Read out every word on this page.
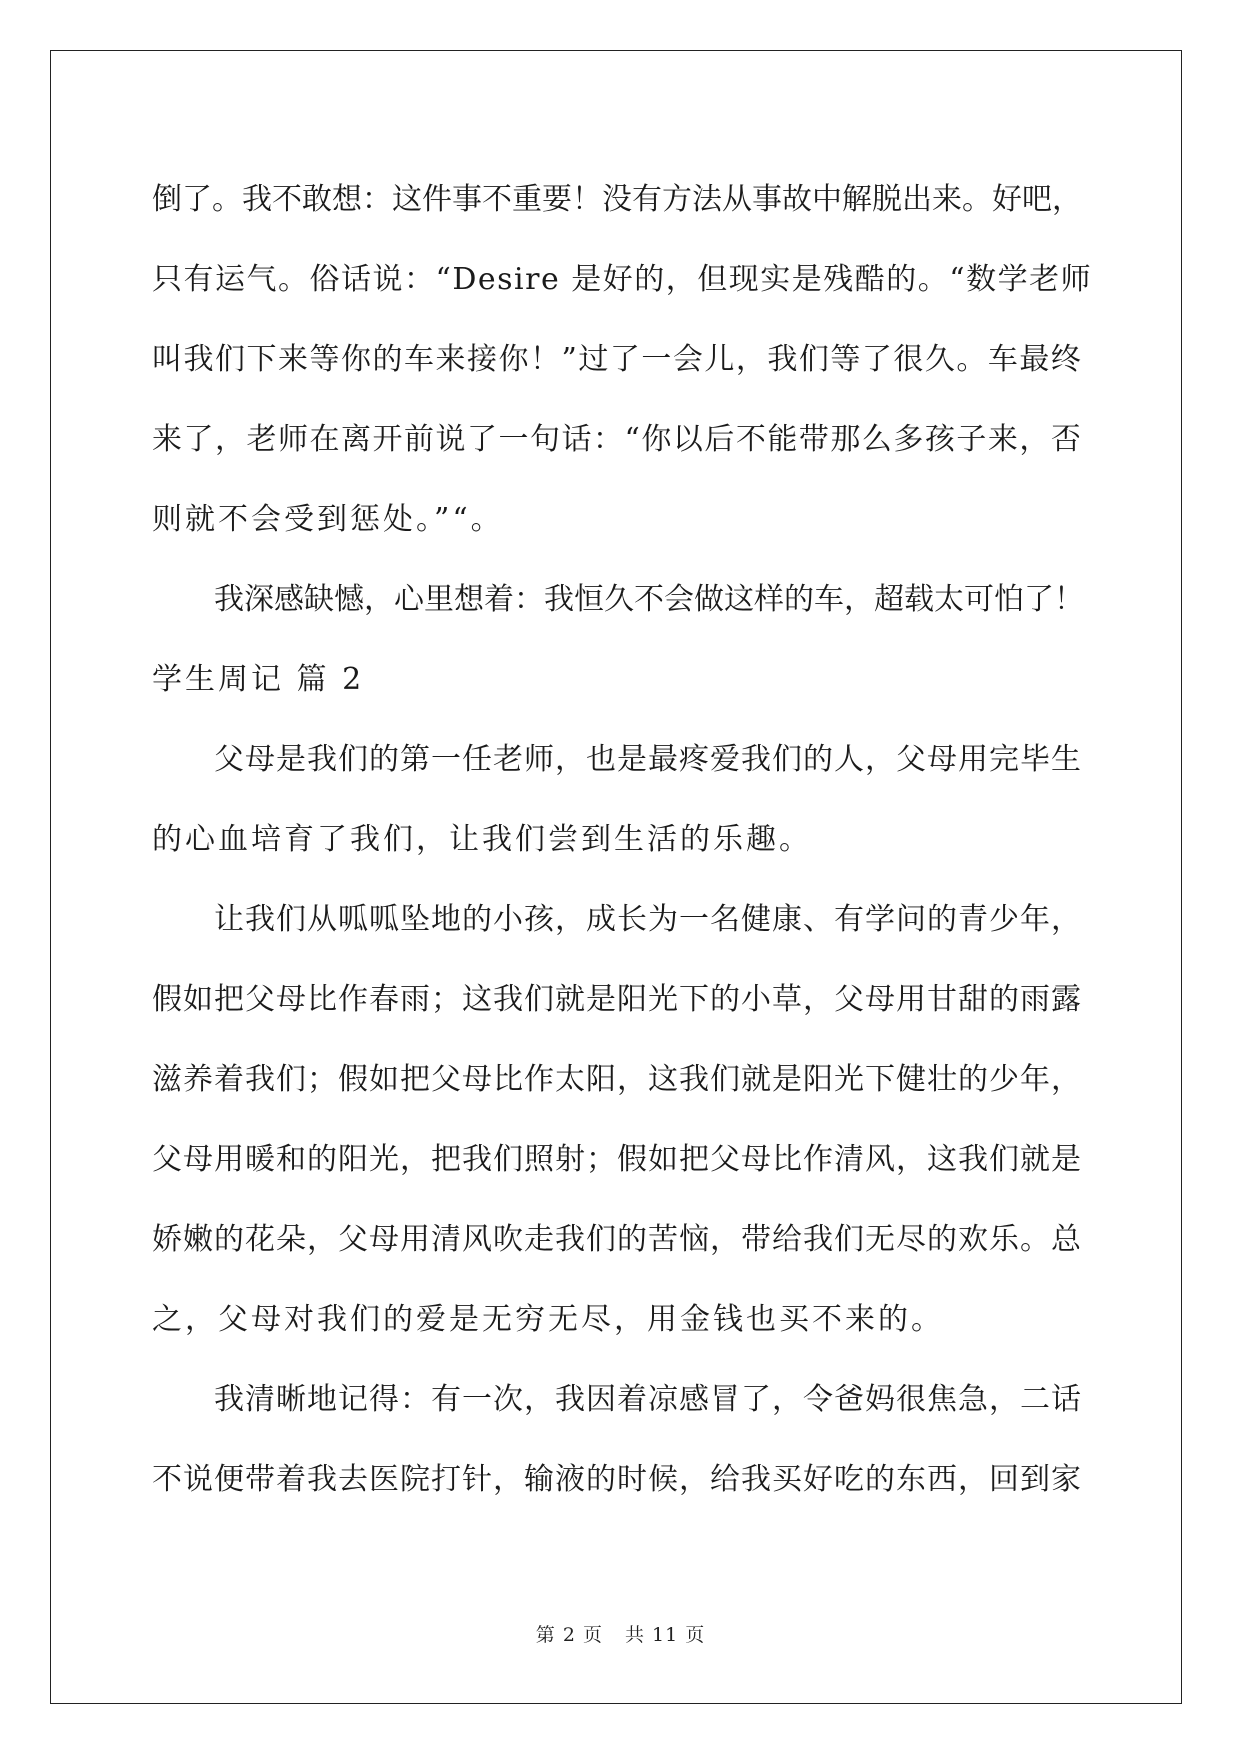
倒了。我不敢想：这件事不重要！没有方法从事故中解脱出来。好吧，
只有运气。俗话说：“Desire 是好的，但现实是残酷的。“数学老师
叫我们下来等你的车来接你！”过了一会儿，我们等了很久。车最终
来了，老师在离开前说了一句话：“你以后不能带那么多孩子来，否
则就不会受到惩处。”“。
我深感缺憾，心里想着：我恒久不会做这样的车，超载太可怕了！
学生周记 篇 2
父母是我们的第一任老师，也是最疼爱我们的人，父母用完毕生
的心血培育了我们，让我们尝到生活的乐趣。
让我们从呱呱坠地的小孩，成长为一名健康、有学问的青少年，
假如把父母比作春雨；这我们就是阳光下的小草，父母用甘甜的雨露
滋养着我们；假如把父母比作太阳，这我们就是阳光下健壮的少年，
父母用暖和的阳光，把我们照射；假如把父母比作清风，这我们就是
娇嫩的花朵，父母用清风吹走我们的苦恼，带给我们无尽的欢乐。总
之，父母对我们的爱是无穷无尽，用金钱也买不来的。
我清晰地记得：有一次，我因着凉感冒了，令爸妈很焦急，二话
不说便带着我去医院打针，输液的时候，给我买好吃的东西，回到家
第 2 页 共 11 页
